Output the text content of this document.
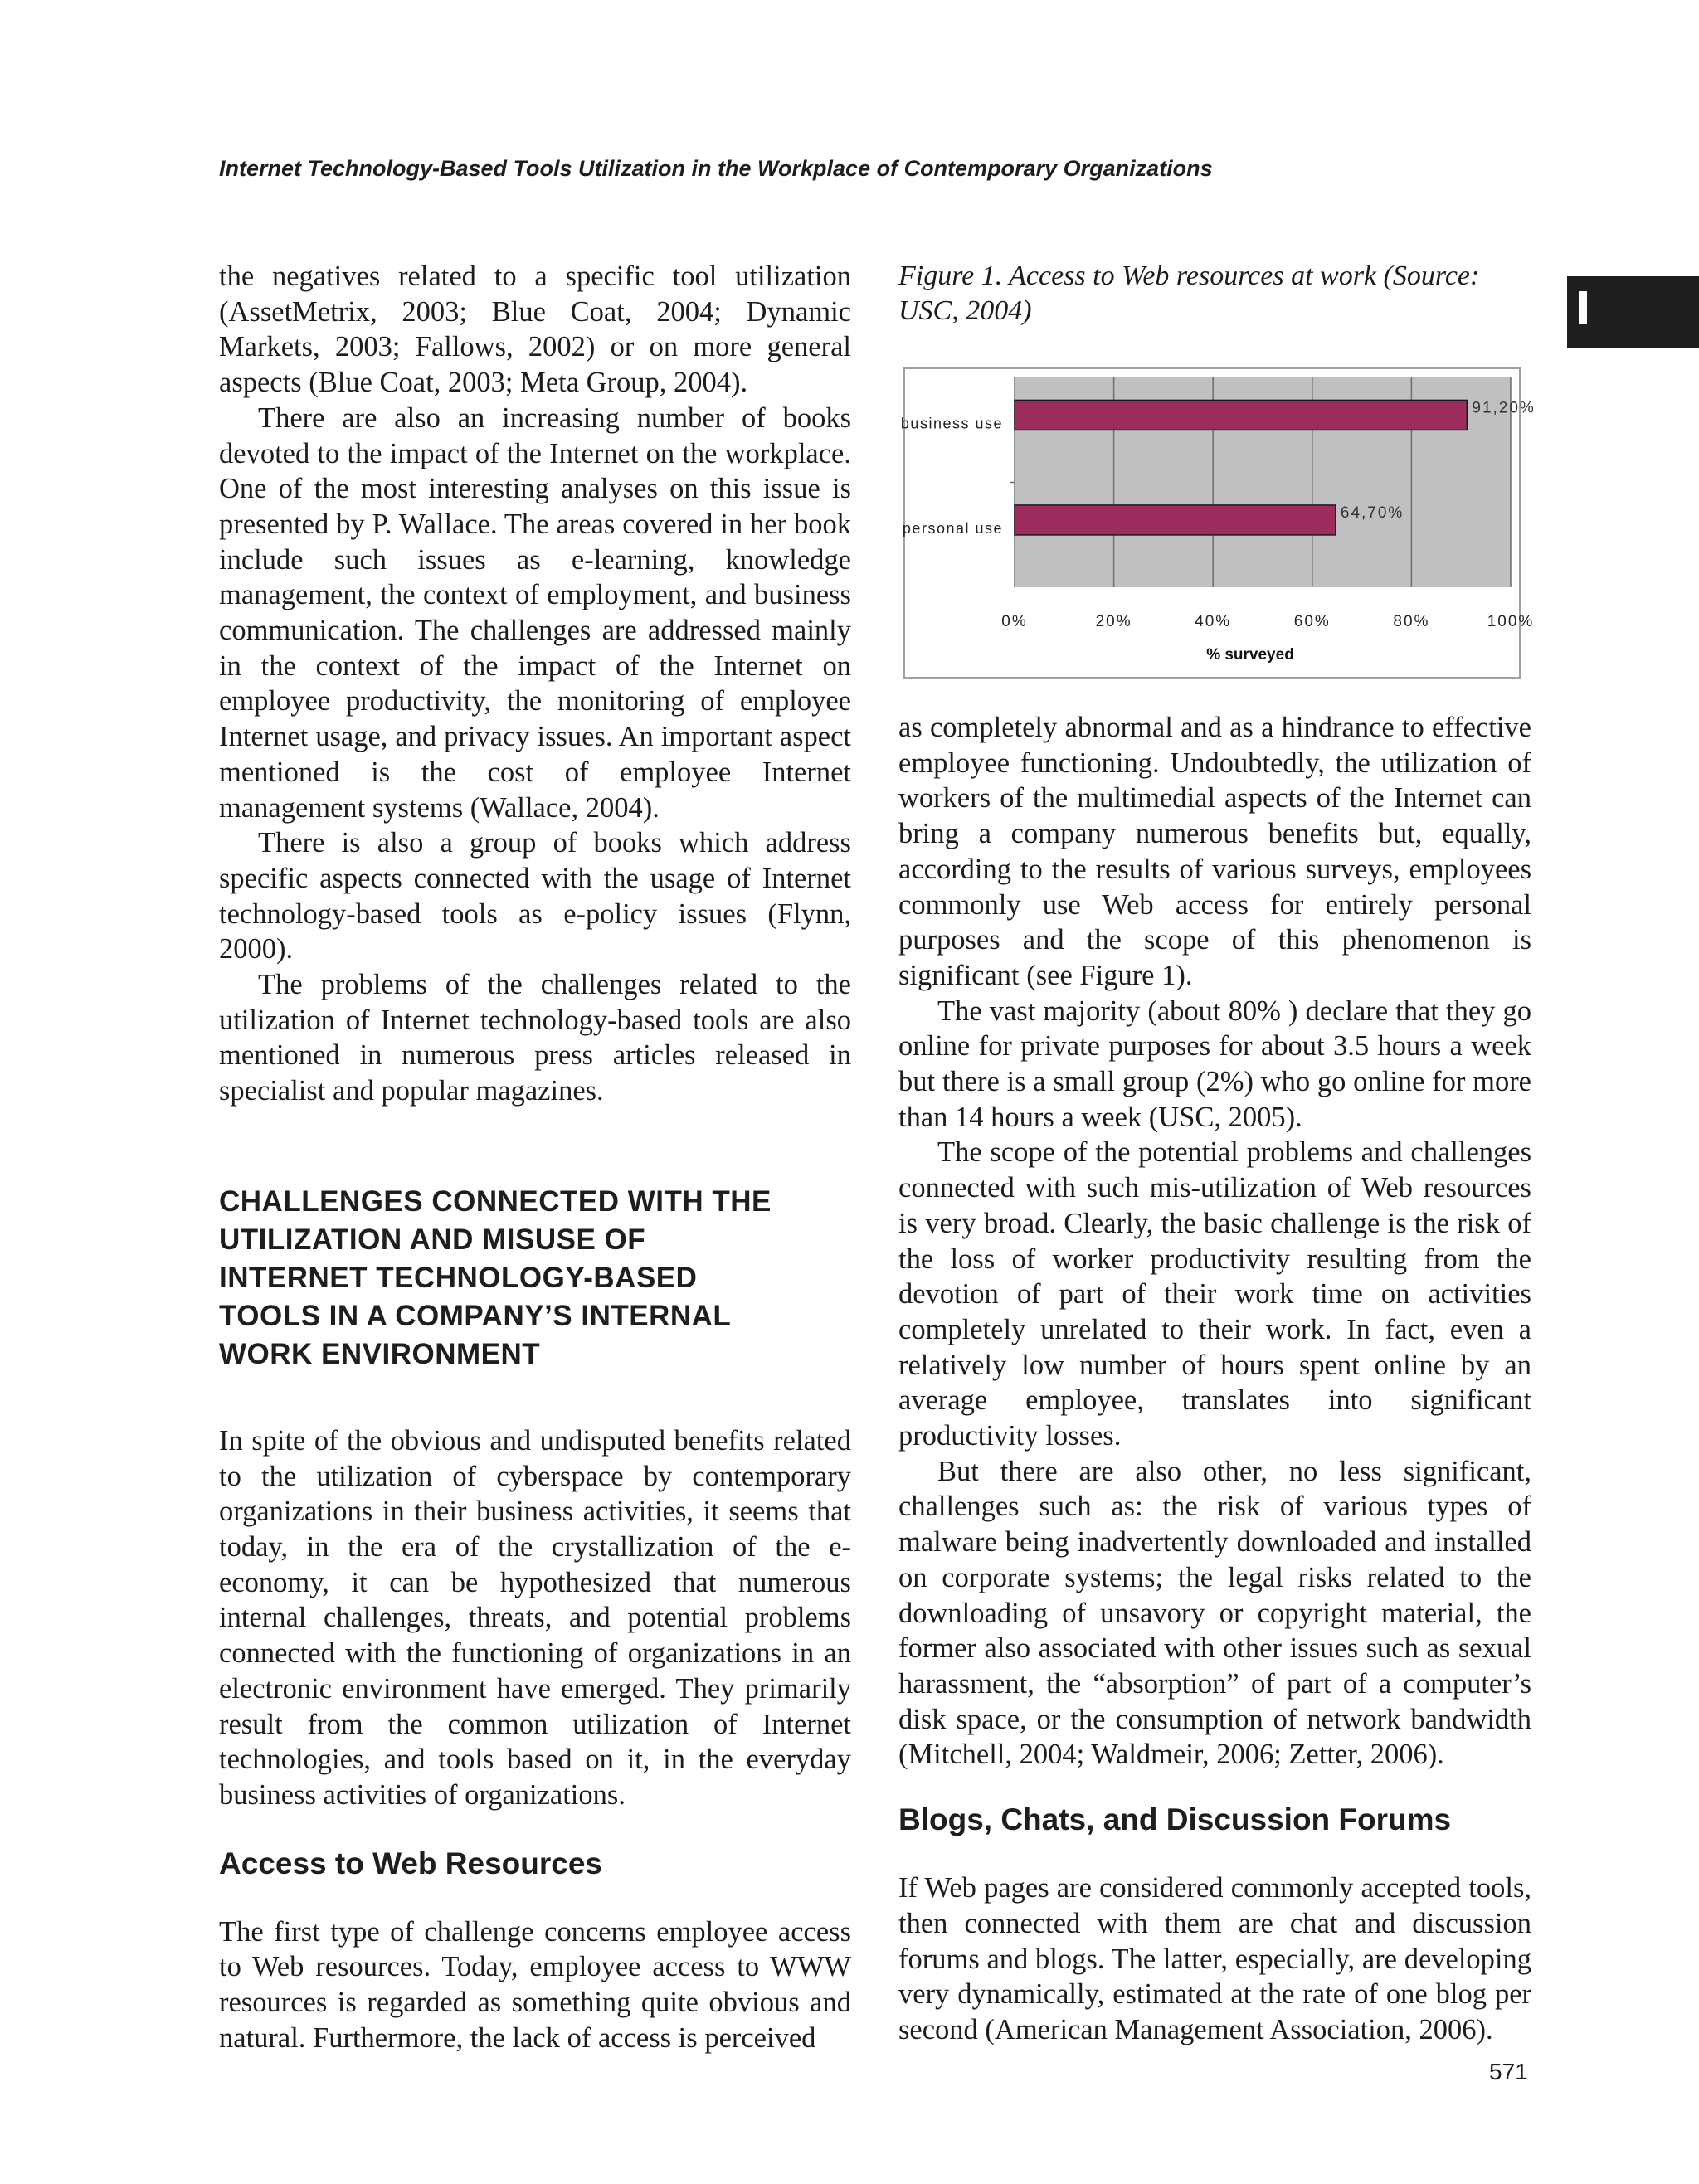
Internet Technology-Based Tools Utilization in the Workplace of Contemporary Organizations

the negatives related to a specific tool utilization (AssetMetrix, 2003; Blue Coat, 2004; Dynamic Markets, 2003; Fallows, 2002) or on more general aspects (Blue Coat, 2003; Meta Group, 2004).

There are also an increasing number of books devoted to the impact of the Internet on the workplace. One of the most interesting analyses on this issue is presented by P. Wallace. The areas covered in her book include such issues as e-learning, knowledge management, the context of employment, and business communication. The challenges are addressed mainly in the context of the impact of the Internet on employee productivity, the monitoring of employee Internet usage, and privacy issues. An important aspect mentioned is the cost of employee Internet management systems (Wallace, 2004).

There is also a group of books which address specific aspects connected with the usage of Internet technology-based tools as e-policy issues (Flynn, 2000).

The problems of the challenges related to the utilization of Internet technology-based tools are also mentioned in numerous press articles released in specialist and popular magazines.

CHALLENGES CONNECTED WITH THE UTILIZATION AND MISUSE OF INTERNET TECHNOLOGY-BASED TOOLS IN A COMPANY’S INTERNAL WORK ENVIRONMENT

In spite of the obvious and undisputed benefits related to the utilization of cyberspace by contemporary organizations in their business activities, it seems that today, in the era of the crystallization of the e-economy, it can be hypothesized that numerous internal challenges, threats, and potential problems connected with the functioning of organizations in an electronic environment have emerged. They primarily result from the common utilization of Internet technologies, and tools based on it, in the everyday business activities of organizations.

Access to Web Resources

The first type of challenge concerns employee access to Web resources. Today, employee access to WWW resources is regarded as something quite obvious and natural. Furthermore, the lack of access is perceived

Figure 1. Access to Web resources at work (Source: USC, 2004)
91,20%
64,70%
business use
personal use
0%	20%	40%	60%	80%	100%
% surveyed

as completely abnormal and as a hindrance to effective employee functioning. Undoubtedly, the utilization of workers of the multimedial aspects of the Internet can bring a company numerous benefits but, equally, according to the results of various surveys, employees commonly use Web access for entirely personal purposes and the scope of this phenomenon is significant (see Figure 1).

The vast majority (about 80% ) declare that they go online for private purposes for about 3.5 hours a week but there is a small group (2%) who go online for more than 14 hours a week (USC, 2005).

The scope of the potential problems and challenges connected with such mis-utilization of Web resources is very broad. Clearly, the basic challenge is the risk of the loss of worker productivity resulting from the devotion of part of their work time on activities completely unrelated to their work. In fact, even a relatively low number of hours spent online by an average employee, translates into significant productivity losses.

But there are also other, no less significant, challenges such as: the risk of various types of malware being inadvertently downloaded and installed on corporate systems; the legal risks related to the downloading of unsavory or copyright material, the former also associated with other issues such as sexual harassment, the “absorption” of part of a computer’s disk space, or the consumption of network bandwidth (Mitchell, 2004; Waldmeir, 2006; Zetter, 2006).

Blogs, Chats, and Discussion Forums

If Web pages are considered commonly accepted tools, then connected with them are chat and discussion forums and blogs. The latter, especially, are developing very dynamically, estimated at the rate of one blog per second (American Management Association, 2006).

571
